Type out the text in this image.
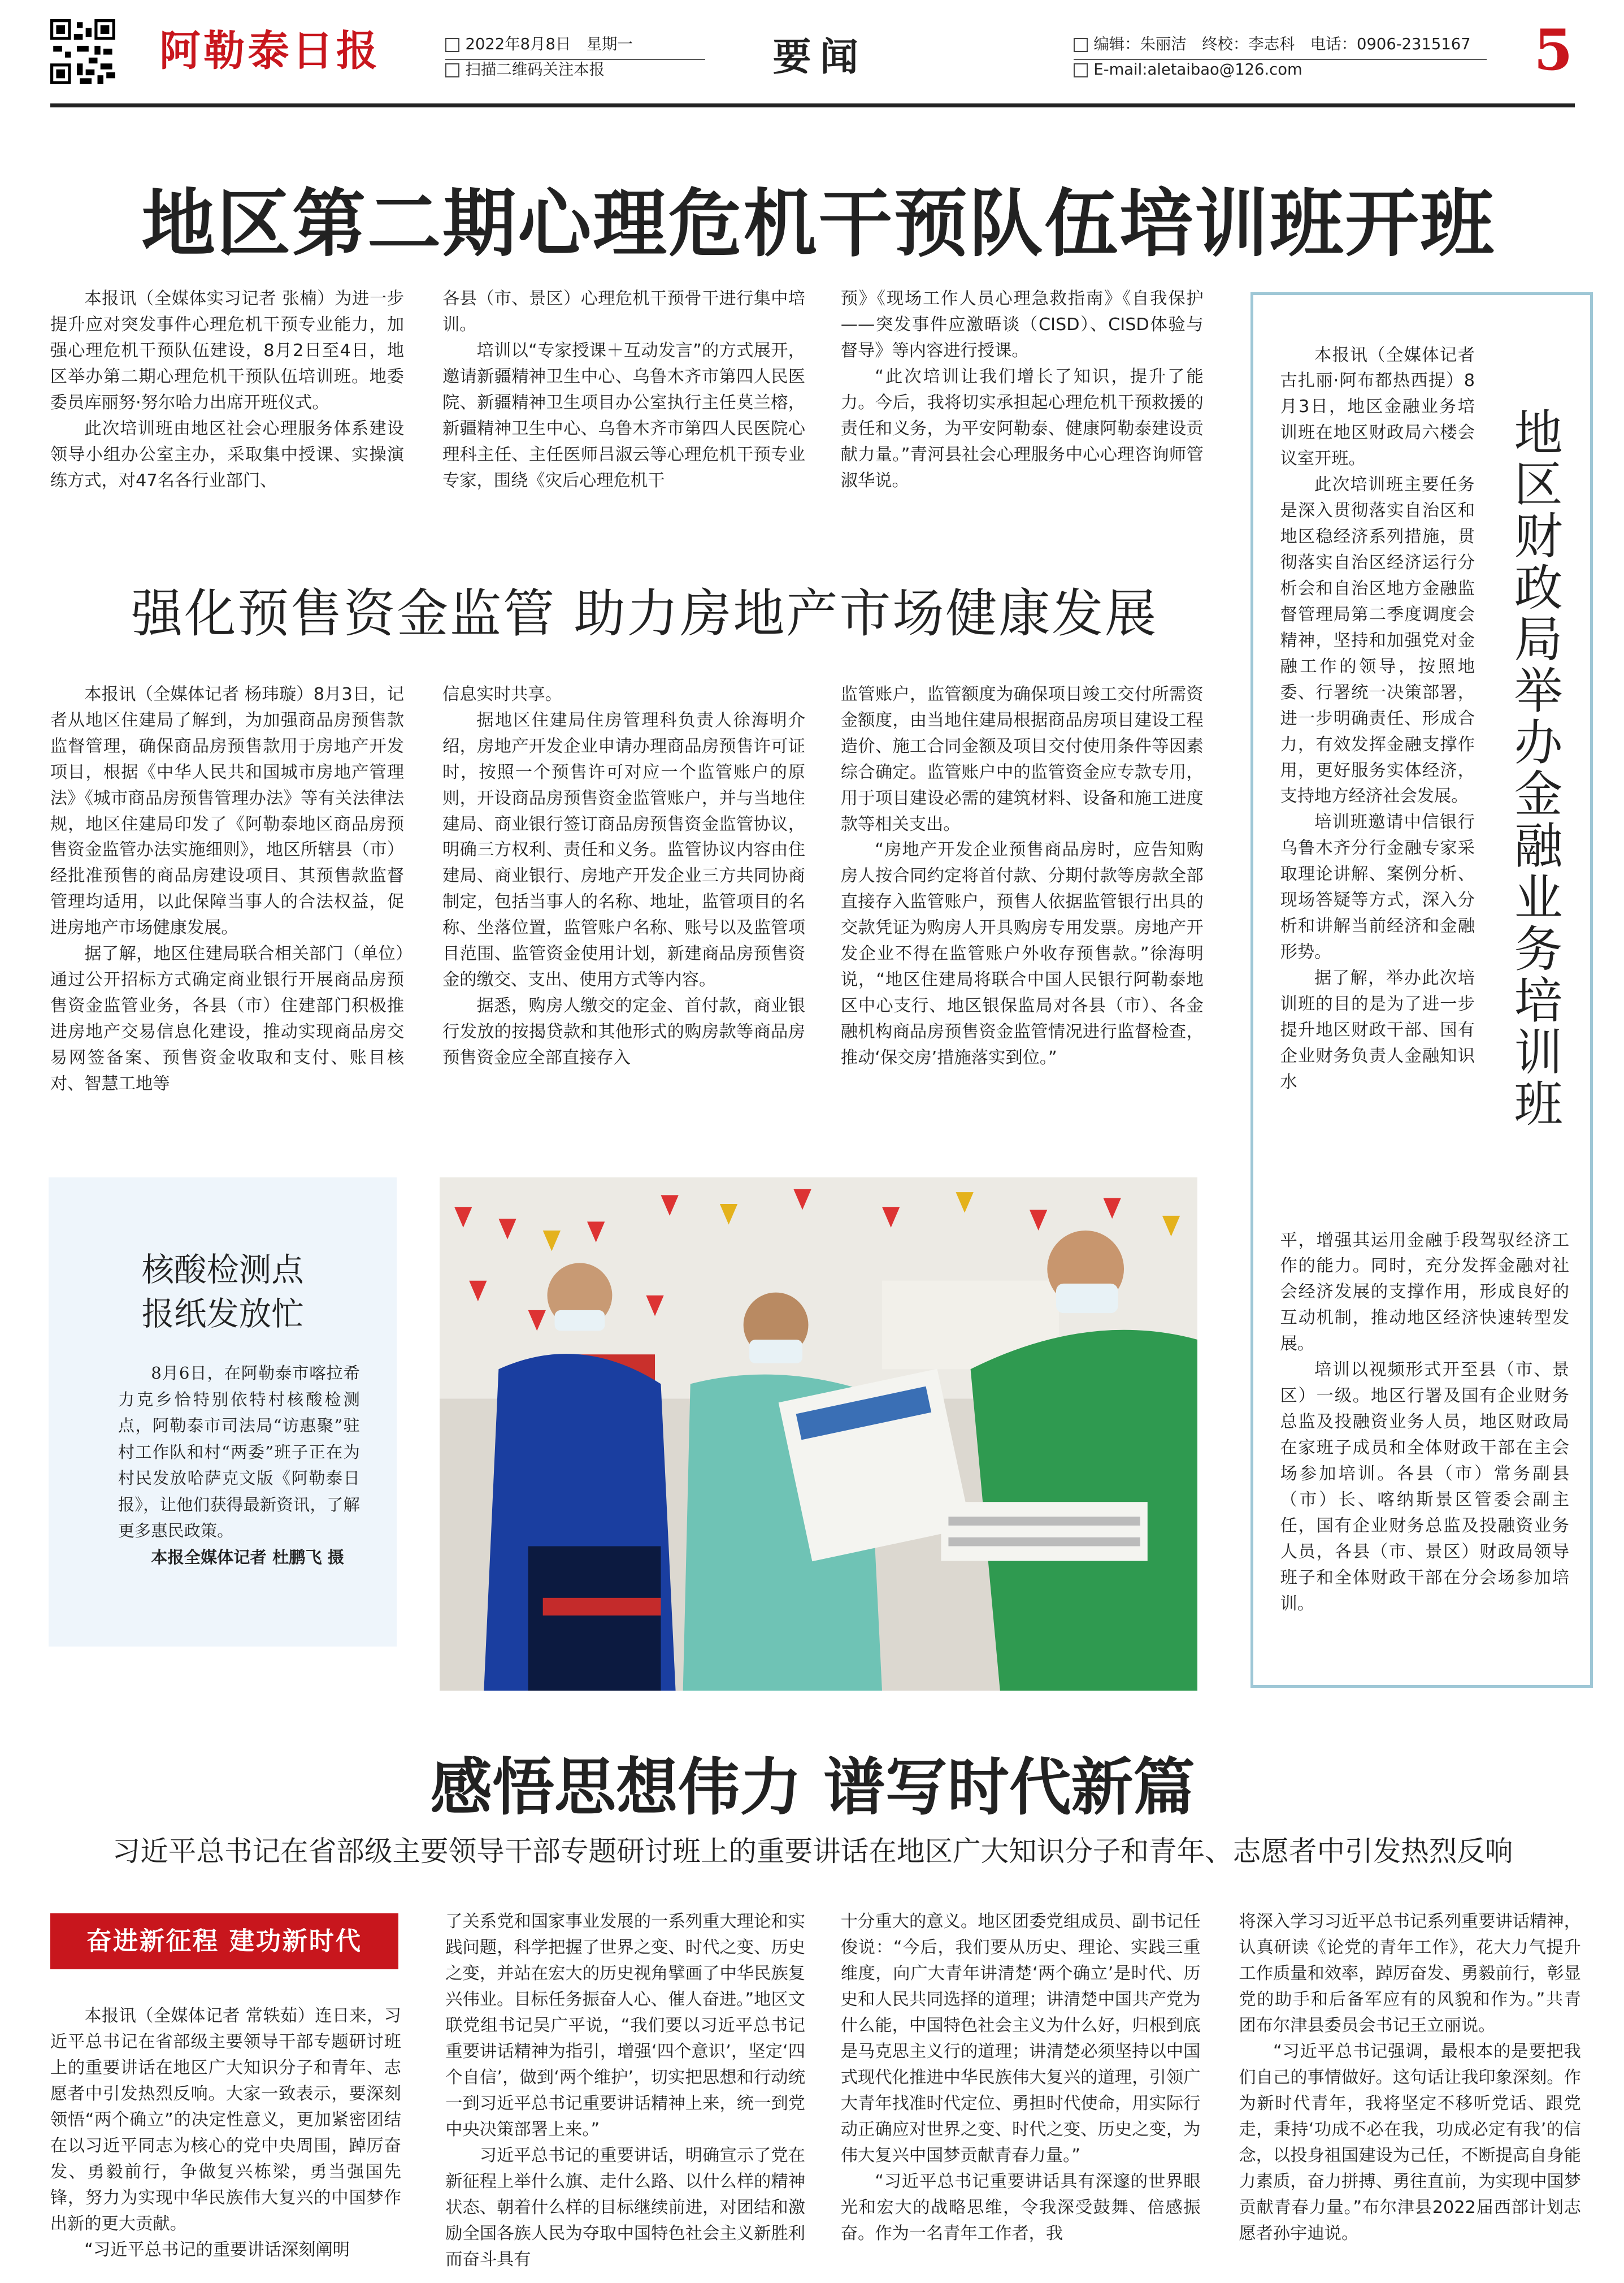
阿勒泰日报	2022年8月8日　星期一
扫描二维码关注本报	要闻	编辑：朱丽洁　终校：李志科　电话：0906-2315167
E-mail:aletaibao@126.com	5
地区第二期心理危机干预队伍培训班开班

本报讯（全媒体实习记者 张楠）为进一步提升应对突发事件心理危机干预专业能力，加强心理危机干预队伍建设，8月2日至4日，地区举办第二期心理危机干预队伍培训班。地委委员库丽努·努尔哈力出席开班仪式。

此次培训班由地区社会心理服务体系建设领导小组办公室主办，采取集中授课、实操演练方式，对47名各行业部门、

各县（市、景区）心理危机干预骨干进行集中培训。

培训以“专家授课＋互动发言”的方式展开，邀请新疆精神卫生中心、乌鲁木齐市第四人民医院、新疆精神卫生项目办公室执行主任莫兰榕，新疆精神卫生中心、乌鲁木齐市第四人民医院心理科主任、主任医师吕淑云等心理危机干预专业专家，围绕《灾后心理危机干

预》《现场工作人员心理急救指南》《自我保护——突发事件应激晤谈（CISD）、CISD体验与督导》等内容进行授课。

“此次培训让我们增长了知识，提升了能力。今后，我将切实承担起心理危机干预救援的责任和义务，为平安阿勒泰、健康阿勒泰建设贡献力量。”青河县社会心理服务中心心理咨询师管淑华说。

强化预售资金监管 助力房地产市场健康发展

本报讯（全媒体记者 杨玮璇）8月3日，记者从地区住建局了解到，为加强商品房预售款监督管理，确保商品房预售款用于房地产开发项目，根据《中华人民共和国城市房地产管理法》《城市商品房预售管理办法》等有关法律法规，地区住建局印发了《阿勒泰地区商品房预售资金监管办法实施细则》，地区所辖县（市）经批准预售的商品房建设项目、其预售款监督管理均适用，以此保障当事人的合法权益，促进房地产市场健康发展。

据了解，地区住建局联合相关部门（单位）通过公开招标方式确定商业银行开展商品房预售资金监管业务，各县（市）住建部门积极推进房地产交易信息化建设，推动实现商品房交易网签备案、预售资金收取和支付、账目核对、智慧工地等

信息实时共享。

据地区住建局住房管理科负责人徐海明介绍，房地产开发企业申请办理商品房预售许可证时，按照一个预售许可对应一个监管账户的原则，开设商品房预售资金监管账户，并与当地住建局、商业银行签订商品房预售资金监管协议，明确三方权利、责任和义务。监管协议内容由住建局、商业银行、房地产开发企业三方共同协商制定，包括当事人的名称、地址，监管项目的名称、坐落位置，监管账户名称、账号以及监管项目范围、监管资金使用计划，新建商品房预售资金的缴交、支出、使用方式等内容。

据悉，购房人缴交的定金、首付款，商业银行发放的按揭贷款和其他形式的购房款等商品房预售资金应全部直接存入

监管账户，监管额度为确保项目竣工交付所需资金额度，由当地住建局根据商品房项目建设工程造价、施工合同金额及项目交付使用条件等因素综合确定。监管账户中的监管资金应专款专用，用于项目建设必需的建筑材料、设备和施工进度款等相关支出。

“房地产开发企业预售商品房时，应告知购房人按合同约定将首付款、分期付款等房款全部直接存入监管账户，预售人依据监管银行出具的交款凭证为购房人开具购房专用发票。房地产开发企业不得在监管账户外收存预售款。”徐海明说，“地区住建局将联合中国人民银行阿勒泰地区中心支行、地区银保监局对各县（市）、各金融机构商品房预售资金监管情况进行监督检查，推动‘保交房’措施落实到位。”	地区财政局举办金融业务培训班

本报讯（全媒体记者 古扎丽·阿布都热西提）8月3日，地区金融业务培训班在地区财政局六楼会议室开班。

此次培训班主要任务是深入贯彻落实自治区和地区稳经济系列措施，贯彻落实自治区经济运行分析会和自治区地方金融监督管理局第二季度调度会精神，坚持和加强党对金融工作的领导，按照地委、行署统一决策部署，进一步明确责任、形成合力，有效发挥金融支撑作用，更好服务实体经济，支持地方经济社会发展。

培训班邀请中信银行乌鲁木齐分行金融专家采取理论讲解、案例分析、现场答疑等方式，深入分析和讲解当前经济和金融形势。

据了解，举办此次培训班的目的是为了进一步提升地区财政干部、国有企业财务负责人金融知识水

平，增强其运用金融手段驾驭经济工作的能力。同时，充分发挥金融对社会经济发展的支撑作用，形成良好的互动机制，推动地区经济快速转型发展。

培训以视频形式开至县（市、景区）一级。地区行署及国有企业财务总监及投融资业务人员，地区财政局在家班子成员和全体财政干部在主会场参加培训。各县（市）常务副县（市）长、喀纳斯景区管委会副主任，国有企业财务总监及投融资业务人员，各县（市、景区）财政局领导班子和全体财政干部在分会场参加培训。

核酸检测点
报纸发放忙

8月6日，在阿勒泰市喀拉希力克乡恰特别依特村核酸检测点，阿勒泰市司法局“访惠聚”驻村工作队和村“两委”班子正在为村民发放哈萨克文版《阿勒泰日报》，让他们获得最新资讯，了解更多惠民政策。

本报全媒体记者 杜鹏飞 摄

感悟思想伟力 谱写时代新篇
习近平总书记在省部级主要领导干部专题研讨班上的重要讲话在地区广大知识分子和青年、志愿者中引发热烈反响
奋进新征程 建功新时代

本报讯（全媒体记者 常轶茹）连日来，习近平总书记在省部级主要领导干部专题研讨班上的重要讲话在地区广大知识分子和青年、志愿者中引发热烈反响。大家一致表示，要深刻领悟“两个确立”的决定性意义，更加紧密团结在以习近平同志为核心的党中央周围，踔厉奋发、勇毅前行，争做复兴栋梁，勇当强国先锋，努力为实现中华民族伟大复兴的中国梦作出新的更大贡献。

“习近平总书记的重要讲话深刻阐明

了关系党和国家事业发展的一系列重大理论和实践问题，科学把握了世界之变、时代之变、历史之变，并站在宏大的历史视角擘画了中华民族复兴伟业。目标任务振奋人心、催人奋进。”地区文联党组书记吴广平说，“我们要以习近平总书记重要讲话精神为指引，增强‘四个意识’，坚定‘四个自信’，做到‘两个维护’，切实把思想和行动统一到习近平总书记重要讲话精神上来，统一到党中央决策部署上来。”

习近平总书记的重要讲话，明确宣示了党在新征程上举什么旗、走什么路、以什么样的精神状态、朝着什么样的目标继续前进，对团结和激励全国各族人民为夺取中国特色社会主义新胜利而奋斗具有

十分重大的意义。地区团委党组成员、副书记任俊说：“今后，我们要从历史、理论、实践三重维度，向广大青年讲清楚‘两个确立’是时代、历史和人民共同选择的道理；讲清楚中国共产党为什么能，中国特色社会主义为什么好，归根到底是马克思主义行的道理；讲清楚必须坚持以中国式现代化推进中华民族伟大复兴的道理，引领广大青年找准时代定位、勇担时代使命，用实际行动正确应对世界之变、时代之变、历史之变，为伟大复兴中国梦贡献青春力量。”

“习近平总书记重要讲话具有深邃的世界眼光和宏大的战略思维，令我深受鼓舞、倍感振奋。作为一名青年工作者，我

将深入学习习近平总书记系列重要讲话精神，认真研读《论党的青年工作》，花大力气提升工作质量和效率，踔厉奋发、勇毅前行，彰显党的助手和后备军应有的风貌和作为。”共青团布尔津县委员会书记王立丽说。

“习近平总书记强调，最根本的是要把我们自己的事情做好。这句话让我印象深刻。作为新时代青年，我将坚定不移听党话、跟党走，秉持‘功成不必在我，功成必定有我’的信念，以投身祖国建设为己任，不断提高自身能力素质，奋力拼搏、勇往直前，为实现中国梦贡献青春力量。”布尔津县2022届西部计划志愿者孙宇迪说。
